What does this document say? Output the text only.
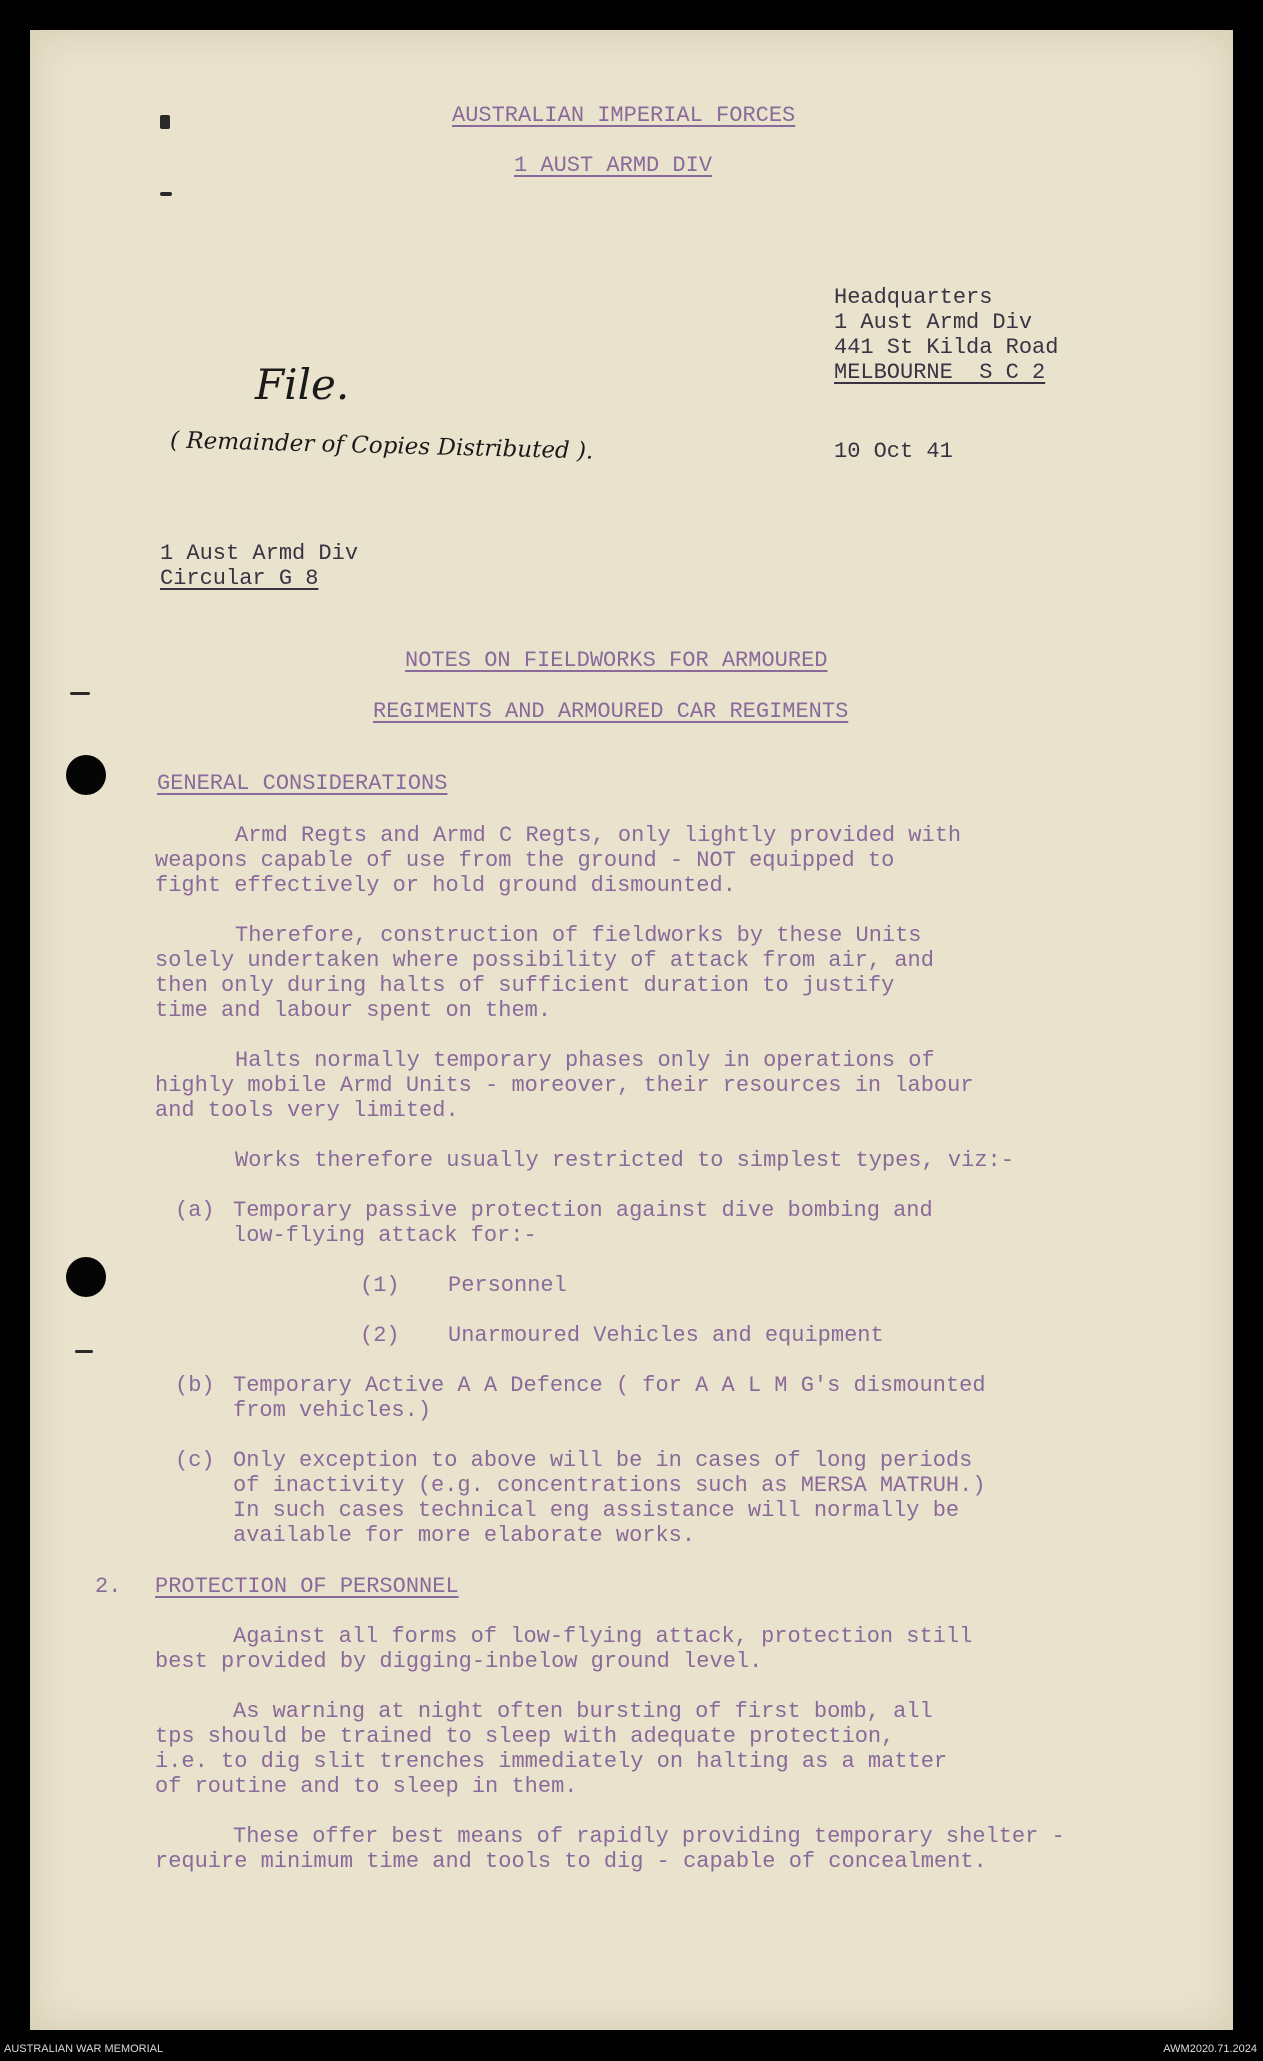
AUSTRALIAN IMPERIAL FORCES
1 AUST ARMD DIV
Headquarters
1 Aust Armd Div
441 St Kilda Road
MELBOURNE  S C 2
10 Oct 41
File.
( Remainder of Copies Distributed ).
1 Aust Armd Div
Circular G 8
NOTES ON FIELDWORKS FOR ARMOURED
REGIMENTS AND ARMOURED CAR REGIMENTS
GENERAL CONSIDERATIONS
Armd Regts and Armd C Regts, only lightly provided with
weapons capable of use from the ground - NOT equipped to
fight effectively or hold ground dismounted.
Therefore, construction of fieldworks by these Units
solely undertaken where possibility of attack from air, and
then only during halts of sufficient duration to justify
time and labour spent on them.
Halts normally temporary phases only in operations of
highly mobile Armd Units - moreover, their resources in labour
and tools very limited.
Works therefore usually restricted to simplest types, viz:-
(a) Temporary passive protection against dive bombing and
low-flying attack for:-
(1) Personnel
(2) Unarmoured Vehicles and equipment
(b) Temporary Active A A Defence ( for A A L M G's dismounted
from vehicles.)
(c) Only exception to above will be in cases of long periods
of inactivity (e.g. concentrations such as MERSA MATRUH.)
In such cases technical eng assistance will normally be
available for more elaborate works.
2. PROTECTION OF PERSONNEL
Against all forms of low-flying attack, protection still
best provided by digging-inbelow ground level.
As warning at night often bursting of first bomb, all
tps should be trained to sleep with adequate protection,
i.e. to dig slit trenches immediately on halting as a matter
of routine and to sleep in them.
These offer best means of rapidly providing temporary shelter -
require minimum time and tools to dig - capable of concealment.
AUSTRALIAN WAR MEMORIAL	AWM2020.71.2024
